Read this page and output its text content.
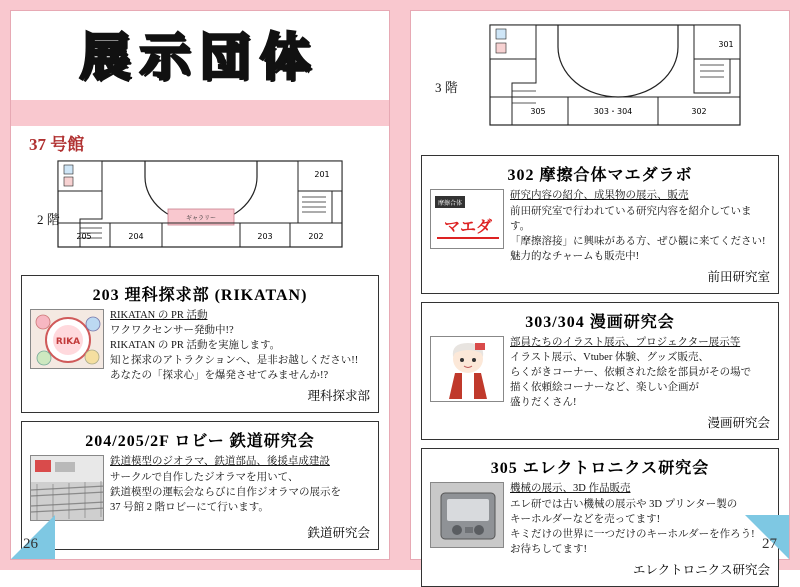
展示団体
37 号館
2 階	ギャラリー
205	204	203	202
201
203 理科探求部 (RIKATAN)
RIKA
RIKATAN の PR 活動

ワクワクセンサー発動中!?

RIKATAN の PR 活動を実施します。

知と探求のアトラクションへ、是非お越しください!!

あなたの「探求心」を爆発させてみませんか!?

理科探求部
204/205/2F ロビー 鉄道研究会
鉄道模型のジオラマ、鉄道部品、後援卓成建設

サークルで自作したジオラマを用いて、

鉄道模型の運転会ならびに自作ジオラマの展示を

37 号館 2 階ロビーにて行います。

鉄道研究会
26
3 階
301
305	303・304	302
302 摩擦合体マエダラボ
摩擦合体
マエダ
研究内容の紹介、成果物の展示、販売

前田研究室で行われている研究内容を紹介しています。

「摩擦溶接」に興味がある方、ぜひ観に来てください!

魅力的なチャームも販売中!

前田研究室
303/304 漫画研究会
部員たちのイラスト展示、プロジェクター展示等

イラスト展示、Vtuber 体験、グッズ販売、

らくがきコーナー、依頼された絵を部員がその場で

描く依頼絵コーナーなど、楽しい企画が

盛りだくさん!

漫画研究会
305 エレクトロニクス研究会
機械の展示、3D 作品販売

エレ研では古い機械の展示や 3D プリンター製の

キーホルダーなどを売ってます!

キミだけの世界に一つだけのキーホルダーを作ろう!

お待ちしてます!

エレクトロニクス研究会
27
